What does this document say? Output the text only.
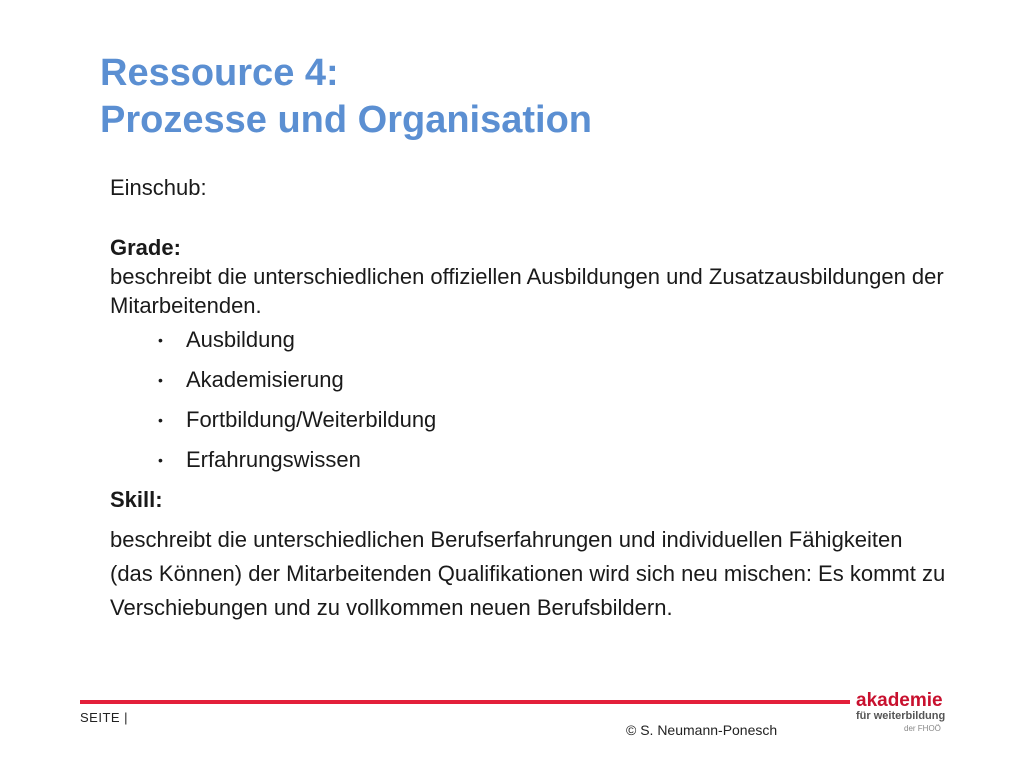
Ressource 4:
Prozesse und Organisation

Einschub:

Grade:

beschreibt die unterschiedlichen offiziellen Ausbildungen und Zusatzausbildungen der Mitarbeitenden.

• Ausbildung
• Akademisierung
• Fortbildung/Weiterbildung
• Erfahrungswissen

Skill:

beschreibt die unterschiedlichen Berufserfahrungen und individuellen Fähigkeiten (das Können) der Mitarbeitenden Qualifikationen wird sich neu mischen: Es kommt zu Verschiebungen und zu vollkommen neuen Berufsbildern.

SEITE |
© S. Neumann-Ponesch
akademie
für weiterbildung
der FHOÖ
